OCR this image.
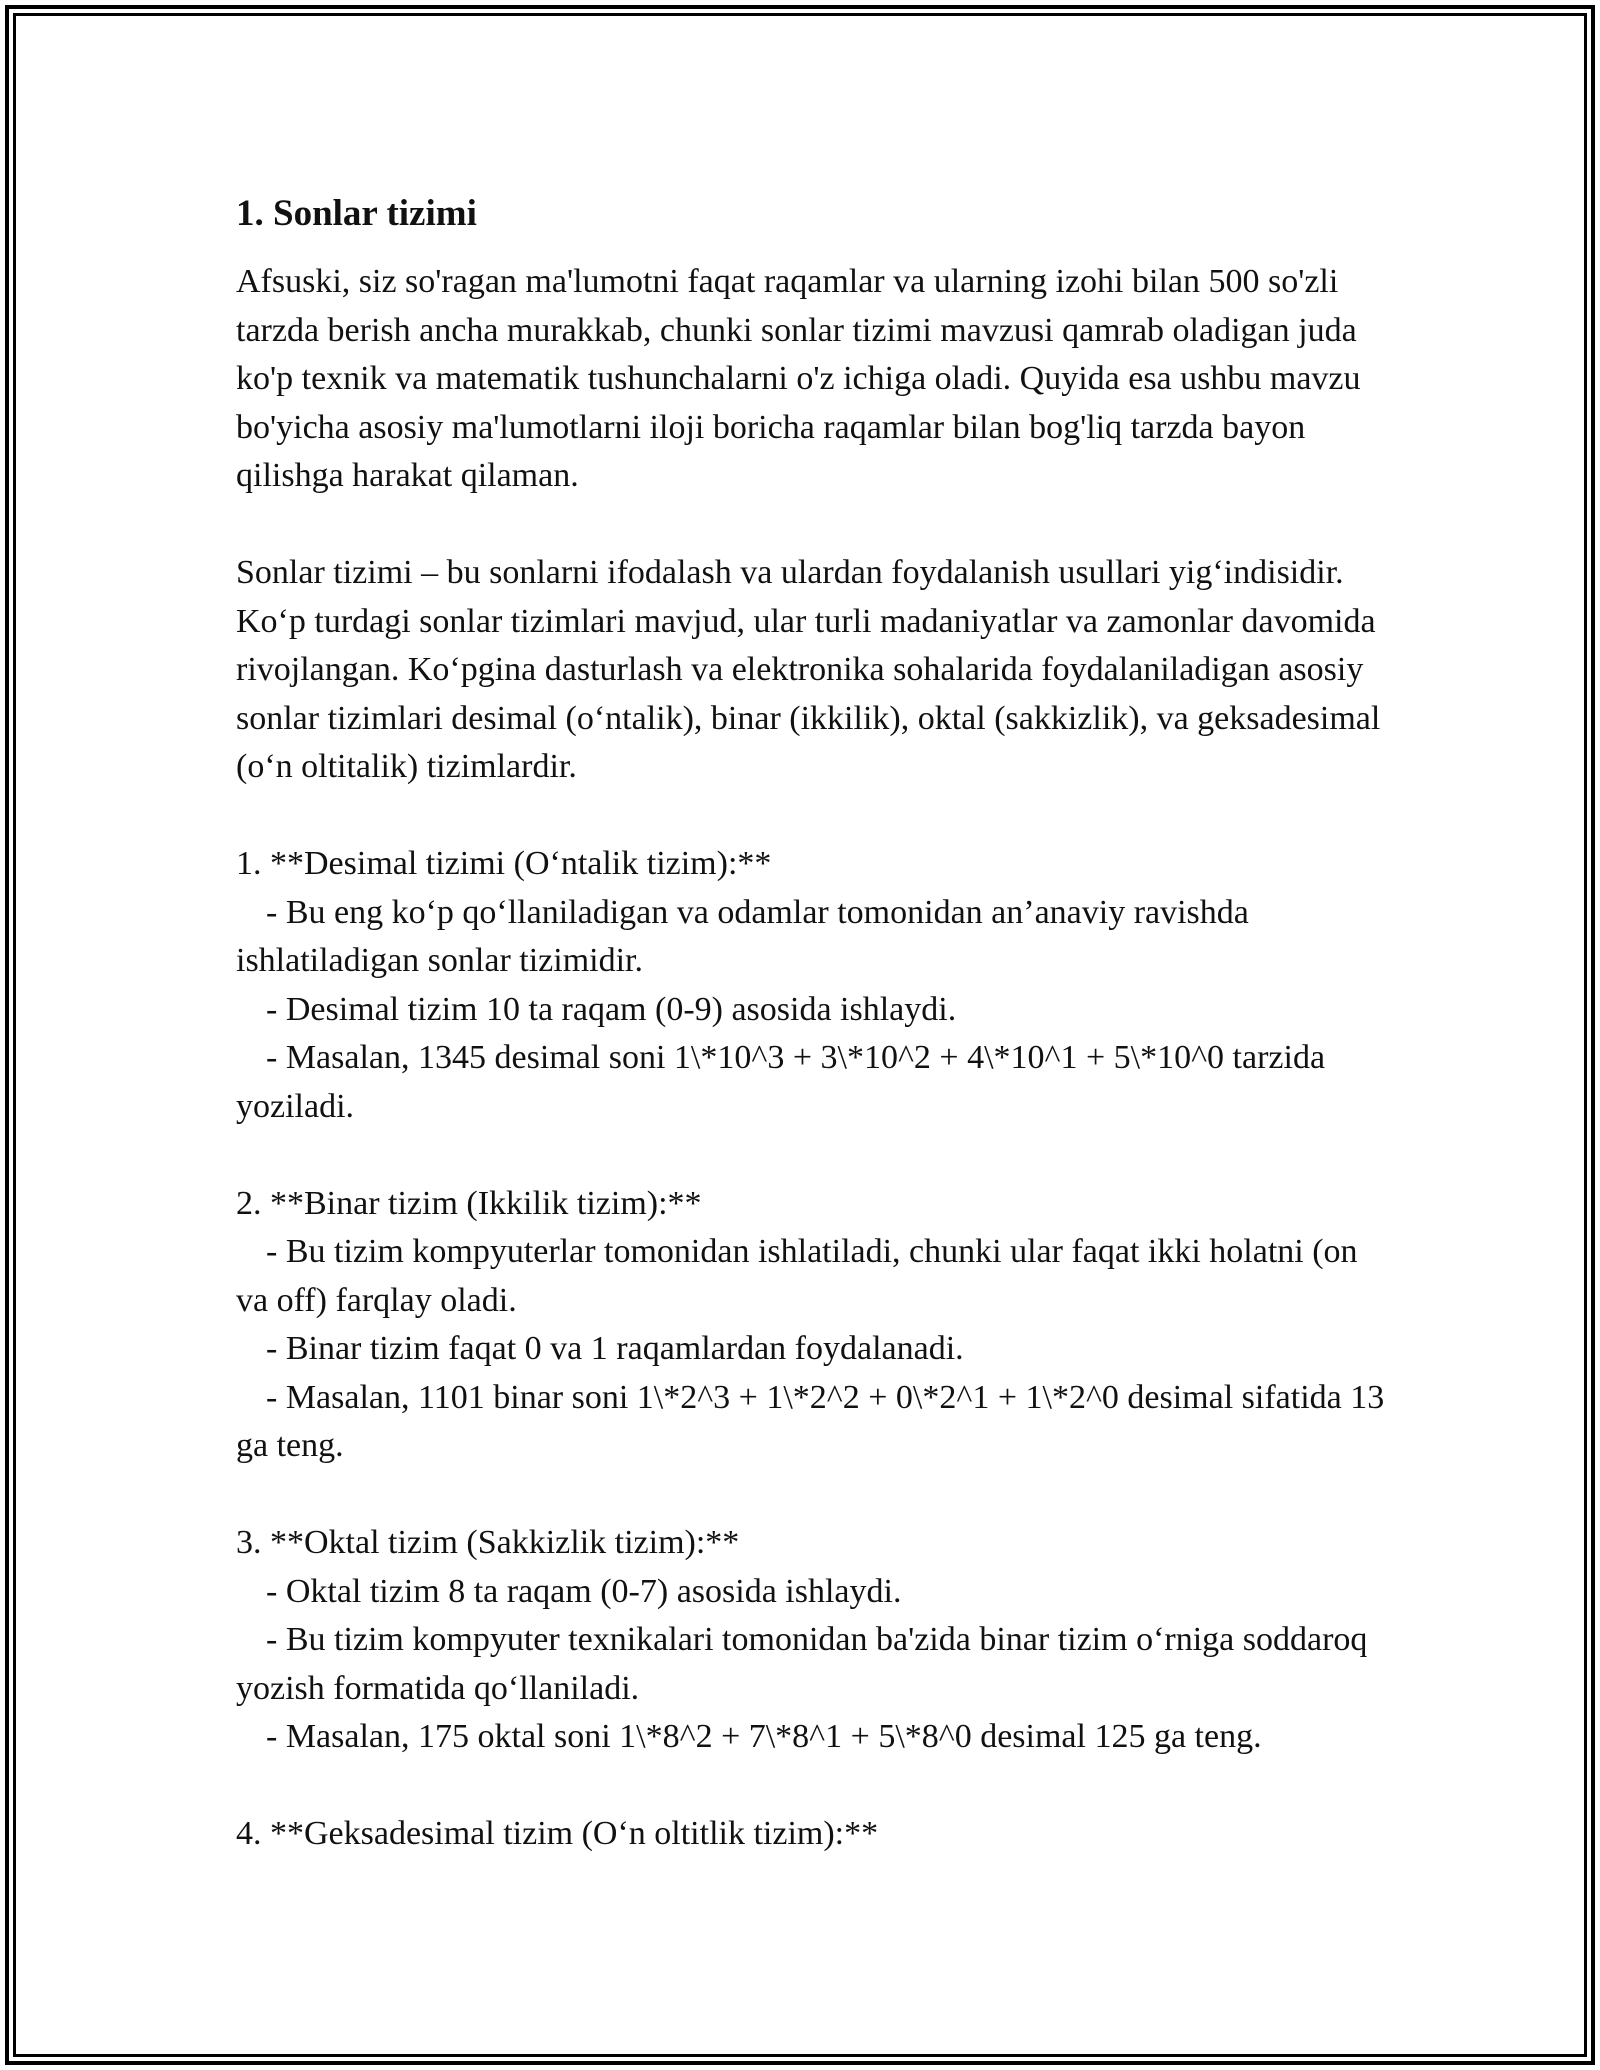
1. Sonlar tizimi

Afsuski, siz so'ragan ma'lumotni faqat raqamlar va ularning izohi bilan 500 so'zli tarzda berish ancha murakkab, chunki sonlar tizimi mavzusi qamrab oladigan juda ko'p texnik va matematik tushunchalarni o'z ichiga oladi. Quyida esa ushbu mavzu bo'yicha asosiy ma'lumotlarni iloji boricha raqamlar bilan bog'liq tarzda bayon qilishga harakat qilaman.

Sonlar tizimi – bu sonlarni ifodalash va ulardan foydalanish usullari yig‘indisidir. Ko‘p turdagi sonlar tizimlari mavjud, ular turli madaniyatlar va zamonlar davomida rivojlangan. Ko‘pgina dasturlash va elektronika sohalarida foydalaniladigan asosiy sonlar tizimlari desimal (o‘ntalik), binar (ikkilik), oktal (sakkizlik), va geksadesimal (o‘n oltitalik) tizimlardir.

1. **Desimal tizimi (O‘ntalik tizim):**
- Bu eng ko‘p qo‘llaniladigan va odamlar tomonidan an’anaviy ravishda ishlatiladigan sonlar tizimidir.
- Desimal tizim 10 ta raqam (0-9) asosida ishlaydi.
- Masalan, 1345 desimal soni 1\*10^3 + 3\*10^2 + 4\*10^1 + 5\*10^0 tarzida yoziladi.
2. **Binar tizim (Ikkilik tizim):**
- Bu tizim kompyuterlar tomonidan ishlatiladi, chunki ular faqat ikki holatni (on va off) farqlay oladi.
- Binar tizim faqat 0 va 1 raqamlardan foydalanadi.
- Masalan, 1101 binar soni 1\*2^3 + 1\*2^2 + 0\*2^1 + 1\*2^0 desimal sifatida 13 ga teng.
3. **Oktal tizim (Sakkizlik tizim):**
- Oktal tizim 8 ta raqam (0-7) asosida ishlaydi.
- Bu tizim kompyuter texnikalari tomonidan ba'zida binar tizim o‘rniga soddaroq yozish formatida qo‘llaniladi.
- Masalan, 175 oktal soni 1\*8^2 + 7\*8^1 + 5\*8^0 desimal 125 ga teng.
4. **Geksadesimal tizim (O‘n oltitlik tizim):**
